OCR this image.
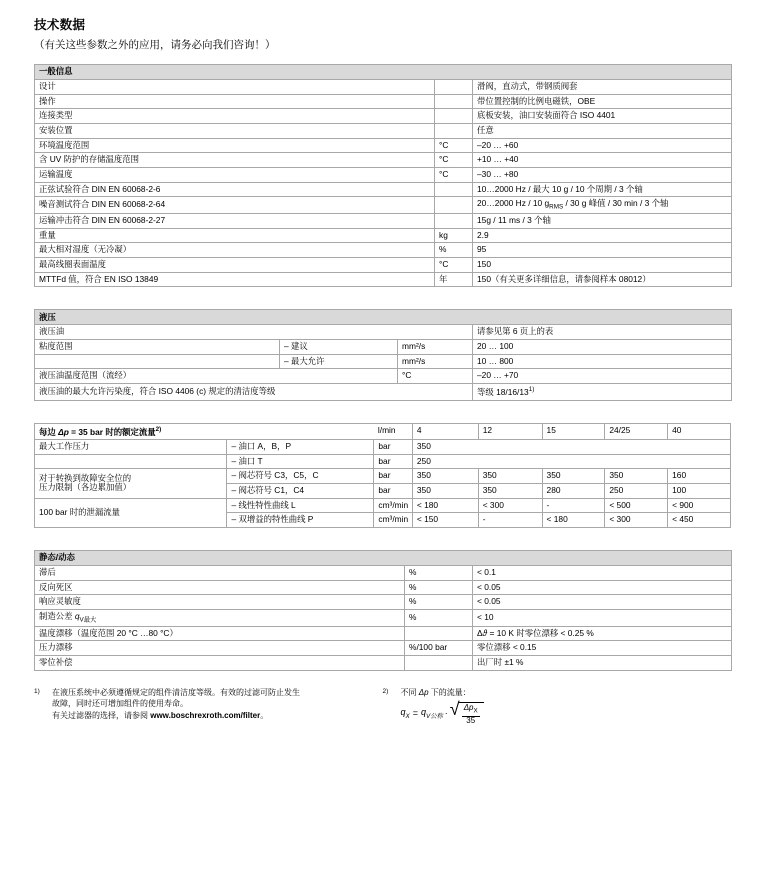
技术数据
（有关这些参数之外的应用，请务必向我们咨询！）
一般信息		
设计		滑阀，直动式，带钢质阀套
操作		带位置控制的比例电磁铁，OBE
连接类型		底板安装，油口安装面符合 ISO 4401
安装位置		任意
环境温度范围	°C	–20 … +60
含 UV 防护的存储温度范围	°C	+10 … +40
运输温度	°C	–30 … +80
正弦试验符合 DIN EN 60068-2-6		10…2000 Hz / 最大 10 g / 10 个周期 / 3 个轴
噪音测试符合 DIN EN 60068-2-64		20…2000 Hz / 10 $g_{RMS} / 30$ g 峰值 / 30 min / 3 个轴
运输冲击符合 DIN EN 60068-2-27		15g / 11 ms / 3 个轴
重量	kg	2.9
最大相对湿度（无冷凝）	%	95
最高线圈表面温度	°C	150
MTTFd 值，符合 EN ISO 13849	年	150（有关更多详细信息，请参阅样本 08012）
液压			
液压油			请参见第 6 页上的表
粘度范围	– 建议	mm²/s	20 … 100
	– 最大允许	mm²/s	10 … 800
液压油温度范围（流经）		°C	–20 … +70
液压油的最大允许污染度，符合 ISO 4406 (c) 规定的清洁度等级			等级 18/16/13$^{1)}$
每边 Δp = 35 bar 时的额定流量$^{2)}$		l/min	4	12	15	24/25	40
最大工作压力	– 油口 A，B，P	bar	350				
	– 油口 T	bar	250				
对于转换到故障安全位的
压力限制（各边累加值）	– 阀芯符号 C3，C5，C	bar	350	350	350	350	160
	– 阀芯符号 C1，C4	bar	350	350	280	250	100
100 bar 时的泄漏流量	– 线性特性曲线 L	cm³/min	< 180	< 300	-	< 500	< 900
	– 双增益的特性曲线 P	cm³/min	< 150	-	< 180	< 300	< 450
静态/动态		
滞后	%	< 0.1
反向死区	%	< 0.05
响应灵敏度	%	< 0.05
制造公差 $q_{V最大}$	%	< 10
温度漂移（温度范围 20 °C …80 °C）		Δ𝜗 = 10 K 时零位漂移 < 0.25 %
压力漂移	%/100 bar	零位漂移 < 0.15
零位补偿		出厂时 ±1 %
1)	在液压系统中必须遵循规定的组件清洁度等级。有效的过滤可防止发生
故障，同时还可增加组件的使用寿命。
有关过滤器的选择，请参阅 www.boschrexroth.com/filter。
2)	不同 Δp 下的流量：
$q_X = q_{V公称}$ · √ $\frac{\Delta p_X}{35}$
